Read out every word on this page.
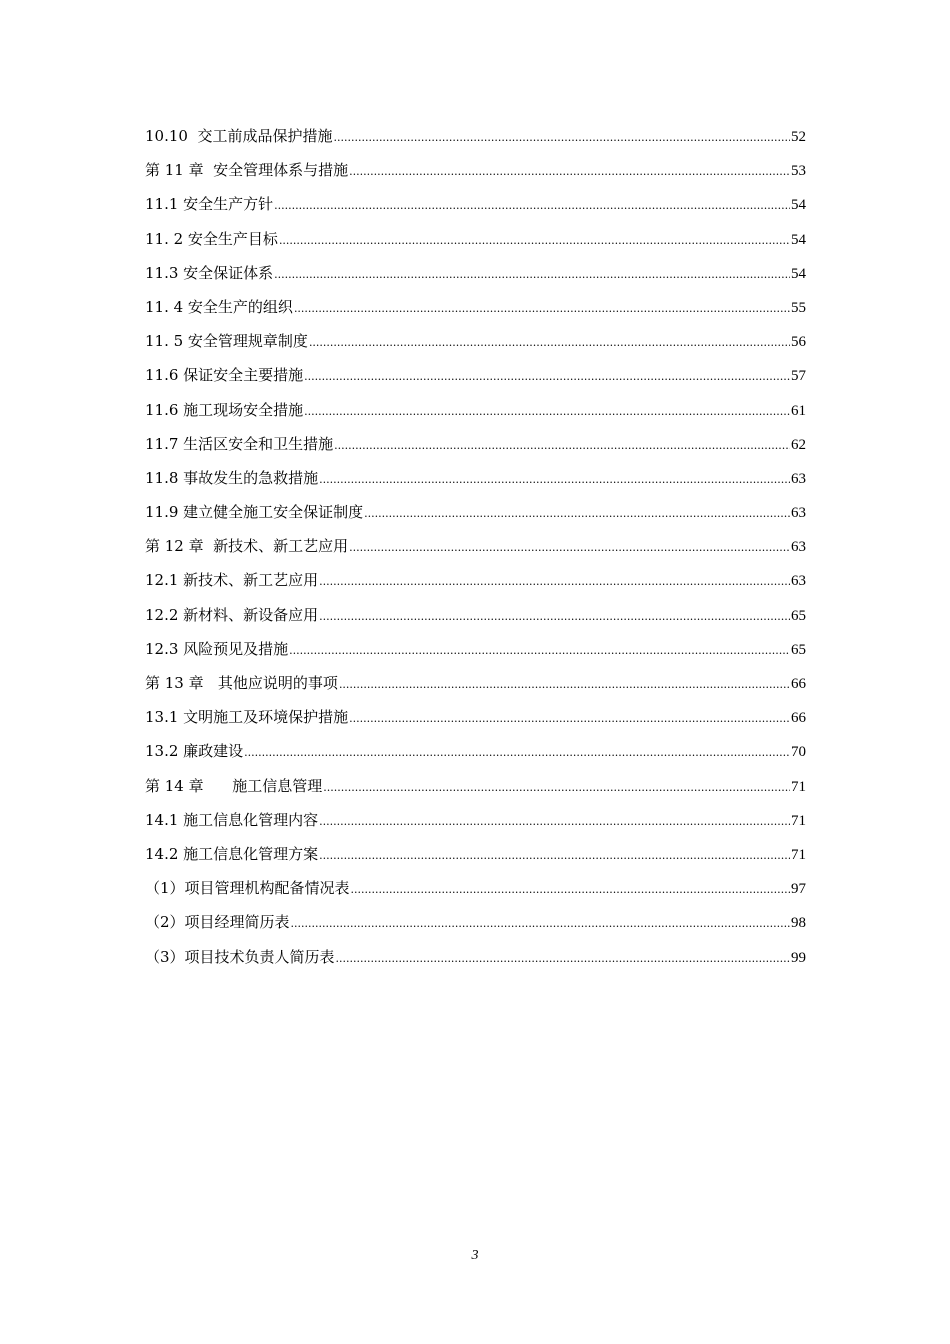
10.10  交工前成品保护措施 .....	52
第 11 章  安全管理体系与措施 .....	53
11.1 安全生产方针 .....	54
11. 2 安全生产目标 .....	54
11.3 安全保证体系 .....	54
11. 4 安全生产的组织 .....	55
11. 5 安全管理规章制度 .....	56
11.6 保证安全主要措施 .....	57
11.6 施工现场安全措施 .....	61
11.7 生活区安全和卫生措施 .....	62
11.8 事故发生的急救措施 .....	63
11.9 建立健全施工安全保证制度 .....	63
第 12 章  新技术、新工艺应用 .....	63
12.1 新技术、新工艺应用 .....	63
12.2 新材料、新设备应用 .....	65
12.3 风险预见及措施 .....	65
第 13 章   其他应说明的事项 .....	66
13.1 文明施工及环境保护措施 .....	66
13.2 廉政建设 .....	70
第 14 章      施工信息管理 .....	71
14.1 施工信息化管理内容 .....	71
14.2 施工信息化管理方案 .....	71
（1）项目管理机构配备情况表 .....	97
（2）项目经理简历表 .....	98
（3）项目技术负责人简历表 .....	99
3
